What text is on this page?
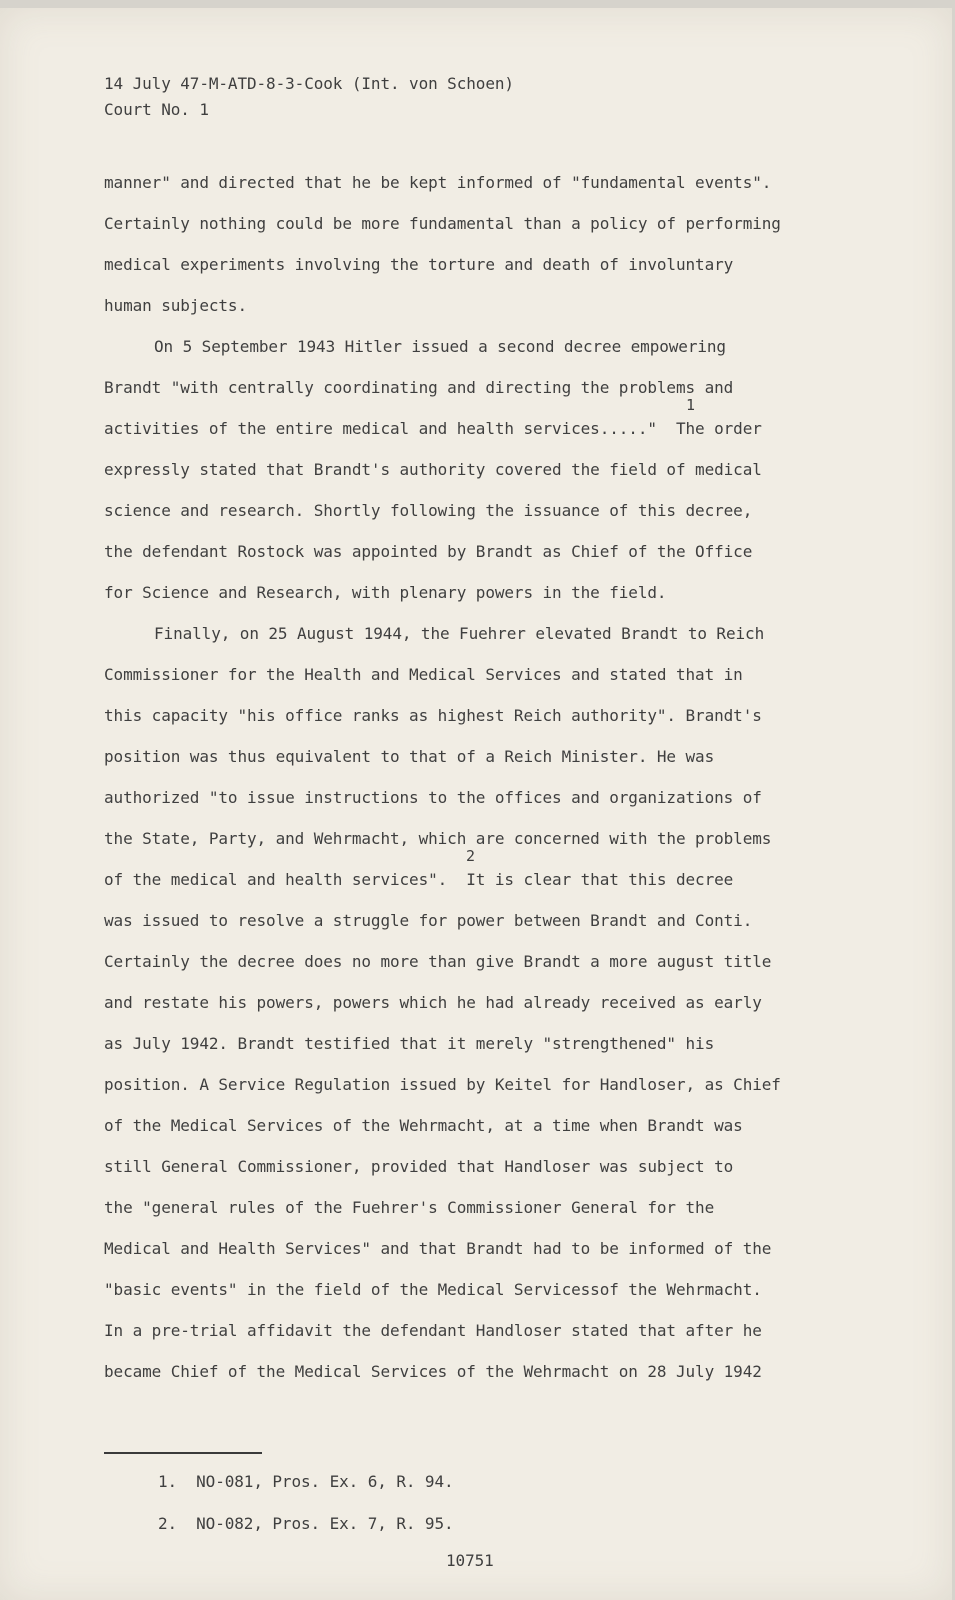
14 July 47-M-ATD-8-3-Cook (Int. von Schoen)
Court No. 1
manner" and directed that he be kept informed of "fundamental events".
Certainly nothing could be more fundamental than a policy of performing
medical experiments involving the torture and death of involuntary
human subjects.
On 5 September 1943 Hitler issued a second decree empowering
Brandt "with centrally coordinating and directing the problems and
1
activities of the entire medical and health services....."  The order
expressly stated that Brandt's authority covered the field of medical
science and research. Shortly following the issuance of this decree,
the defendant Rostock was appointed by Brandt as Chief of the Office
for Science and Research, with plenary powers in the field.
Finally, on 25 August 1944, the Fuehrer elevated Brandt to Reich
Commissioner for the Health and Medical Services and stated that in
this capacity "his office ranks as highest Reich authority". Brandt's
position was thus equivalent to that of a Reich Minister. He was
authorized "to issue instructions to the offices and organizations of
the State, Party, and Wehrmacht, which are concerned with the problems
2
of the medical and health services".  It is clear that this decree
was issued to resolve a struggle for power between Brandt and Conti.
Certainly the decree does no more than give Brandt a more august title
and restate his powers, powers which he had already received as early
as July 1942. Brandt testified that it merely "strengthened" his
position. A Service Regulation issued by Keitel for Handloser, as Chief
of the Medical Services of the Wehrmacht, at a time when Brandt was
still General Commissioner, provided that Handloser was subject to
the "general rules of the Fuehrer's Commissioner General for the
Medical and Health Services" and that Brandt had to be informed of the
"basic events" in the field of the Medical Servicessof the Wehrmacht.
In a pre-trial affidavit the defendant Handloser stated that after he
became Chief of the Medical Services of the Wehrmacht on 28 July 1942
1.  NO-081, Pros. Ex. 6, R. 94.
2.  NO-082, Pros. Ex. 7, R. 95.
10751
